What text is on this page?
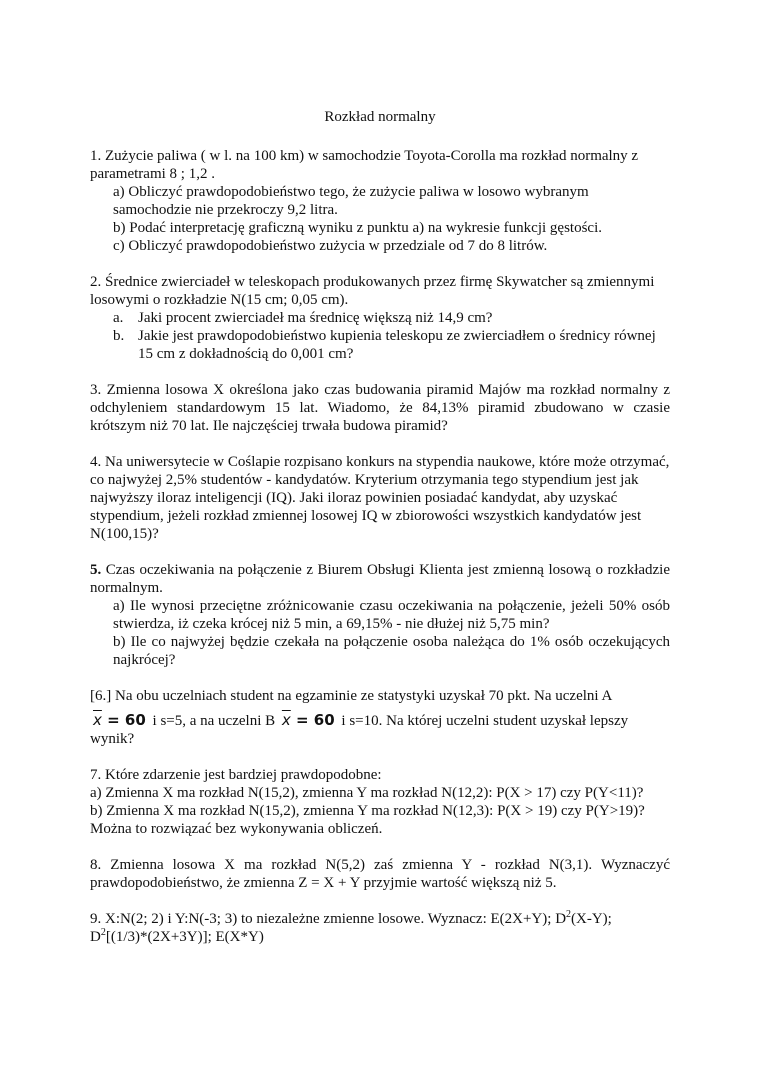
Rozkład normalny

1. Zużycie paliwa ( w l. na 100 km) w samochodzie Toyota-Corolla ma rozkład normalny z parametrami 8 ; 1,2 .

a) Obliczyć prawdopodobieństwo tego, że zużycie paliwa w losowo wybranym samochodzie nie przekroczy 9,2 litra.

b) Podać interpretację graficzną wyniku z punktu a) na wykresie funkcji gęstości.

c) Obliczyć prawdopodobieństwo zużycia w przedziale od 7 do 8 litrów.

2. Średnice zwierciadeł w teleskopach produkowanych przez firmę Skywatcher są zmiennymi losowymi o rozkładzie N(15 cm; 0,05 cm).

a. Jaki procent zwierciadeł ma średnicę większą niż 14,9 cm?
b. Jakie jest prawdopodobieństwo kupienia teleskopu ze zwierciadłem o średnicy równej 15 cm z dokładnością do 0,001 cm?

3. Zmienna losowa X określona jako czas budowania piramid Majów ma rozkład normalny z odchyleniem standardowym 15 lat. Wiadomo, że 84,13% piramid zbudowano w czasie krótszym niż 70 lat. Ile najczęściej trwała budowa piramid?

4. Na uniwersytecie w Coślapie rozpisano konkurs na stypendia naukowe, które może otrzymać, co najwyżej 2,5% studentów - kandydatów. Kryterium otrzymania tego stypendium jest jak najwyższy iloraz inteligencji (IQ). Jaki iloraz powinien posiadać kandydat, aby uzyskać stypendium, jeżeli rozkład zmiennej losowej IQ w zbiorowości wszystkich kandydatów jest N(100,15)?

5. Czas oczekiwania na połączenie z Biurem Obsługi Klienta jest zmienną losową o rozkładzie normalnym.

a) Ile wynosi przeciętne zróżnicowanie czasu oczekiwania na połączenie, jeżeli 50% osób stwierdza, iż czeka krócej niż 5 min, a 69,15% - nie dłużej niż 5,75 min?

b) Ile co najwyżej będzie czekała na połączenie osoba należąca do 1% osób oczekujących najkrócej?

[6.] Na obu uczelniach student na egzaminie ze statystyki uzyskał 70 pkt. Na uczelni A

$\overline{x} = 60$ i s=5, a na uczelni B $\overline{x} = 60$ i s=10. Na której uczelni student uzyskał lepszy

wynik?

7. Które zdarzenie jest bardziej prawdopodobne:

a) Zmienna X ma rozkład N(15,2), zmienna Y ma rozkład N(12,2): P(X > 17) czy P(Y<11)?

b) Zmienna X ma rozkład N(15,2), zmienna Y ma rozkład N(12,3): P(X > 19) czy P(Y>19)?

Można to rozwiązać bez wykonywania obliczeń.

8. Zmienna losowa X ma rozkład N(5,2) zaś zmienna Y - rozkład N(3,1). Wyznaczyć prawdopodobieństwo, że zmienna Z = X + Y przyjmie wartość większą niż 5.

9. X:N(2; 2) i Y:N(-3; 3) to niezależne zmienne losowe. Wyznacz: E(2X+Y); $D^2(X-Y)$;

$D^2[(1/3)*(2X+3Y)]$; E(X*Y)
